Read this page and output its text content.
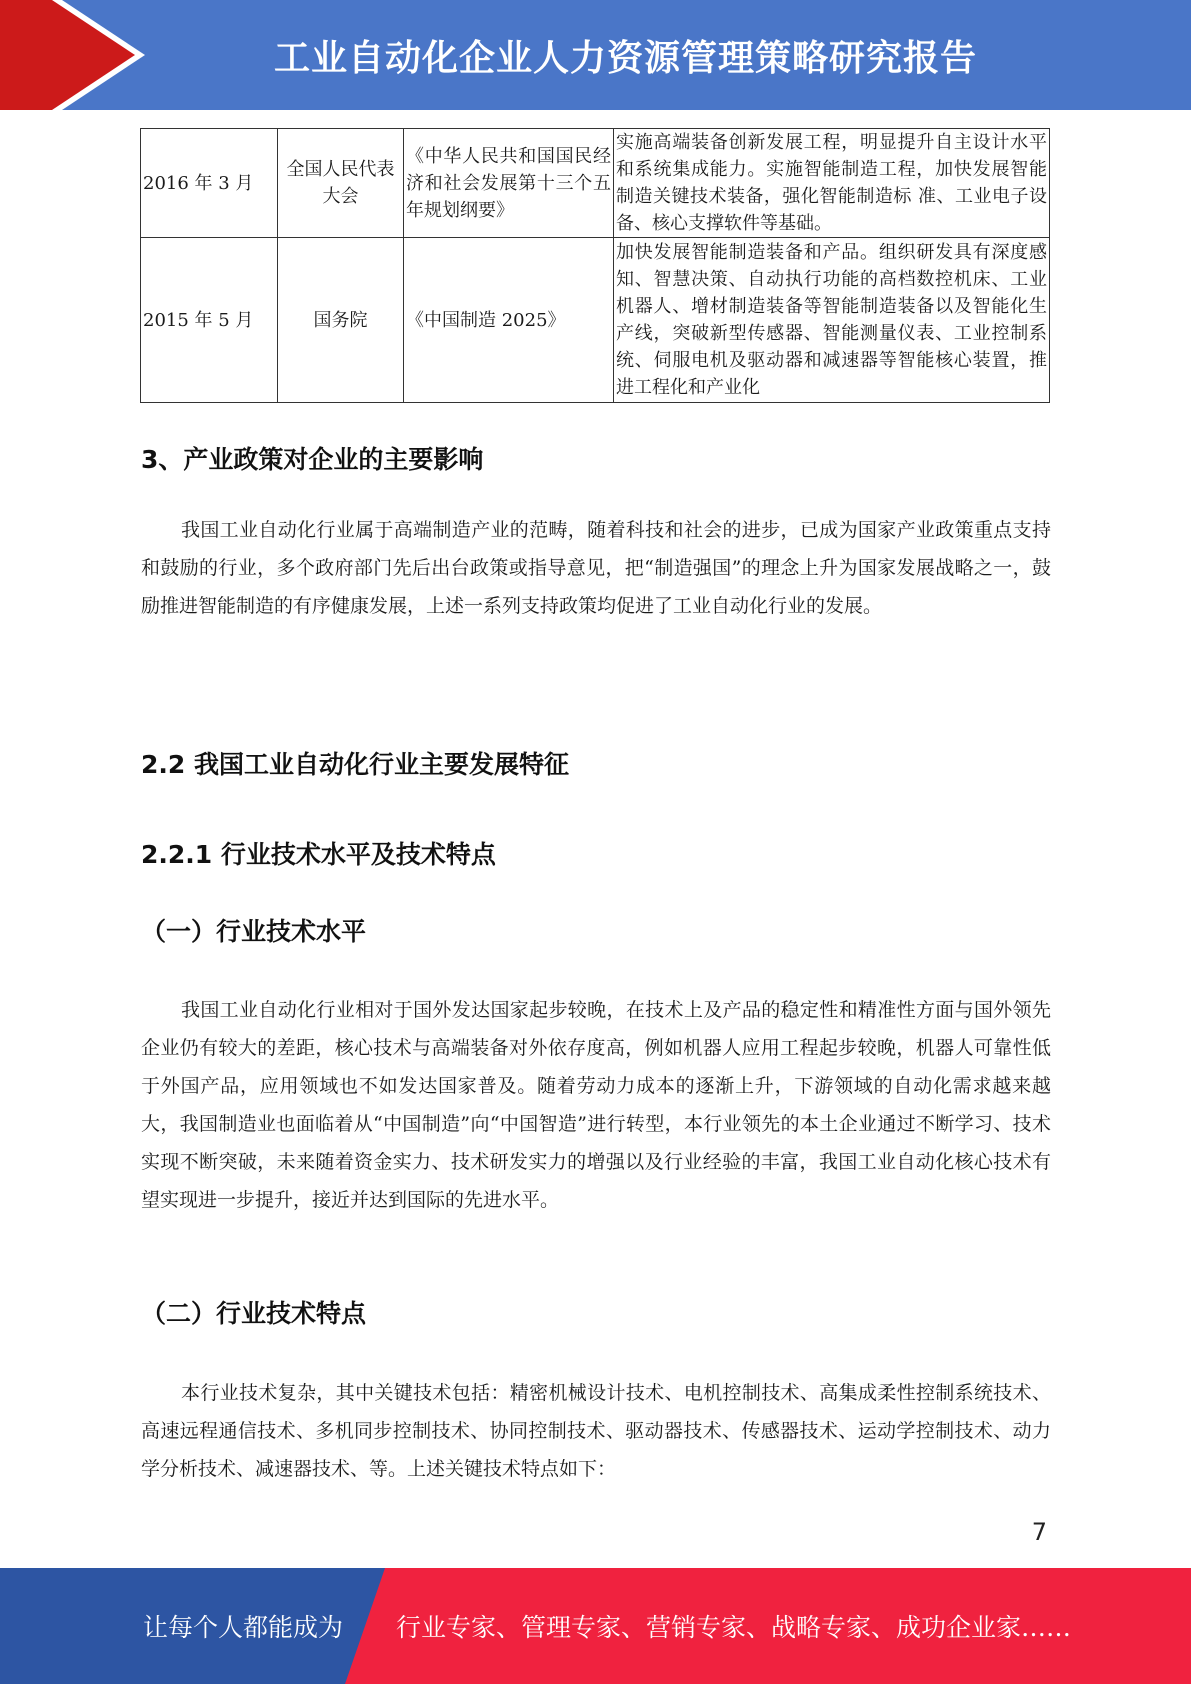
工业自动化企业人力资源管理策略研究报告
2016 年 3 月	全国人民代表大会	《中华人民共和国国民经济和社会发展第十三个五年规划纲要》	实施高端装备创新发展工程，明显提升自主设计水平和系统集成能力。实施智能制造工程，加快发展智能制造关键技术装备，强化智能制造标 准、工业电子设备、核心支撑软件等基础。
2015 年 5 月	国务院	《中国制造 2025》	加快发展智能制造装备和产品。组织研发具有深度感知、智慧决策、自动执行功能的高档数控机床、工业机器人、增材制造装备等智能制造装备以及智能化生产线，突破新型传感器、智能测量仪表、工业控制系统、伺服电机及驱动器和减速器等智能核心装置，推进工程化和产业化
3、产业政策对企业的主要影响

我国工业自动化行业属于高端制造产业的范畴，随着科技和社会的进步，已成为国家产业政策重点支持和鼓励的行业，多个政府部门先后出台政策或指导意见，把“制造强国”的理念上升为国家发展战略之一，鼓励推进智能制造的有序健康发展，上述一系列支持政策均促进了工业自动化行业的发展。

2.2 我国工业自动化行业主要发展特征
2.2.1 行业技术水平及技术特点
（一）行业技术水平

我国工业自动化行业相对于国外发达国家起步较晚，在技术上及产品的稳定性和精准性方面与国外领先企业仍有较大的差距，核心技术与高端装备对外依存度高，例如机器人应用工程起步较晚，机器人可靠性低于外国产品，应用领域也不如发达国家普及。随着劳动力成本的逐渐上升，下游领域的自动化需求越来越大，我国制造业也面临着从“中国制造”向“中国智造”进行转型，本行业领先的本土企业通过不断学习、技术实现不断突破，未来随着资金实力、技术研发实力的增强以及行业经验的丰富，我国工业自动化核心技术有望实现进一步提升，接近并达到国际的先进水平。

（二）行业技术特点

本行业技术复杂，其中关键技术包括：精密机械设计技术、电机控制技术、高集成柔性控制系统技术、高速远程通信技术、多机同步控制技术、协同控制技术、驱动器技术、传感器技术、运动学控制技术、动力学分析技术、减速器技术、等。上述关键技术特点如下：

7
让每个人都能成为 行业专家、管理专家、营销专家、战略专家、成功企业家……
